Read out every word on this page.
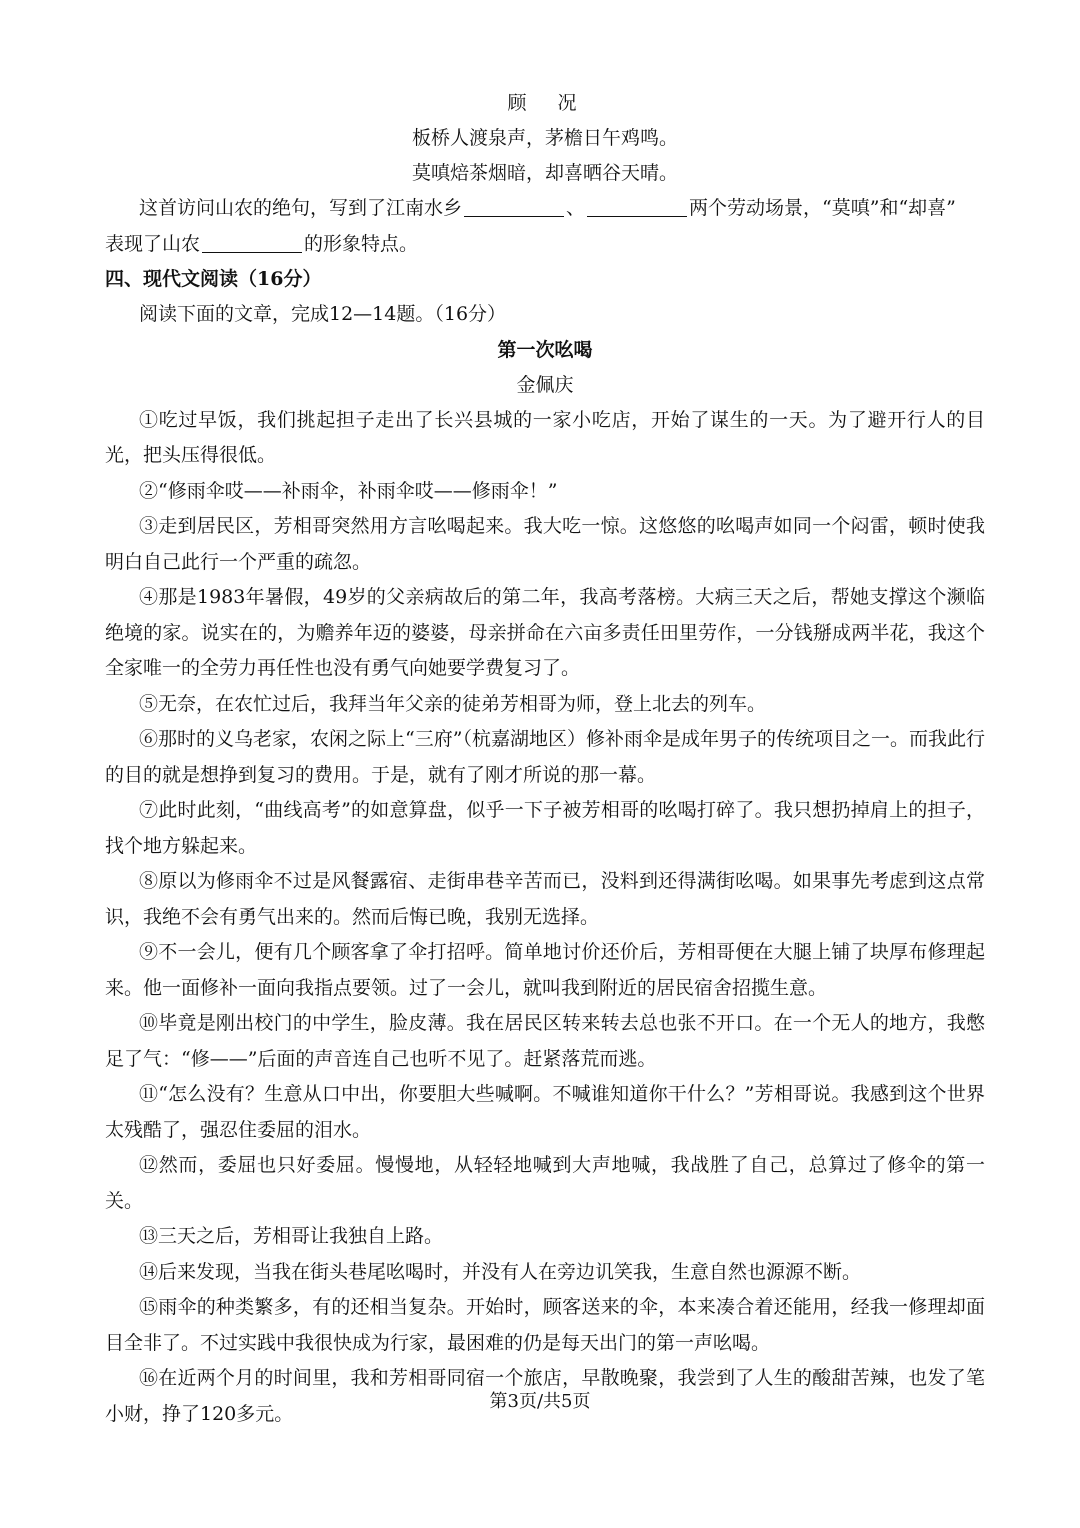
顾　况
板桥人渡泉声，茅檐日午鸡鸣。
莫嗔焙茶烟暗，却喜晒谷天晴。

这首访问山农的绝句，写到了江南水乡	、	两个劳动场景，“莫嗔”和“却喜”

表现了山农	的形象特点。

四、现代文阅读（16分）

阅读下面的文章，完成12—14题。（16分）

第一次吆喝
金佩庆

①吃过早饭，我们挑起担子走出了长兴县城的一家小吃店，开始了谋生的一天。为了避开行人的目光，把头压得很低。

②“修雨伞哎——补雨伞，补雨伞哎——修雨伞！”

③走到居民区，芳相哥突然用方言吆喝起来。我大吃一惊。这悠悠的吆喝声如同一个闷雷，顿时使我明白自己此行一个严重的疏忽。

④那是1983年暑假，49岁的父亲病故后的第二年，我高考落榜。大病三天之后，帮她支撑这个濒临绝境的家。说实在的，为赡养年迈的婆婆，母亲拼命在六亩多责任田里劳作，一分钱掰成两半花，我这个全家唯一的全劳力再任性也没有勇气向她要学费复习了。

⑤无奈，在农忙过后，我拜当年父亲的徒弟芳相哥为师，登上北去的列车。

⑥那时的义乌老家，农闲之际上“三府”（杭嘉湖地区）修补雨伞是成年男子的传统项目之一。而我此行的目的就是想挣到复习的费用。于是，就有了刚才所说的那一幕。

⑦此时此刻，“曲线高考”的如意算盘，似乎一下子被芳相哥的吆喝打碎了。我只想扔掉肩上的担子，找个地方躲起来。

⑧原以为修雨伞不过是风餐露宿、走街串巷辛苦而已，没料到还得满街吆喝。如果事先考虑到这点常识，我绝不会有勇气出来的。然而后悔已晚，我别无选择。

⑨不一会儿，便有几个顾客拿了伞打招呼。简单地讨价还价后，芳相哥便在大腿上铺了块厚布修理起来。他一面修补一面向我指点要领。过了一会儿，就叫我到附近的居民宿舍招揽生意。

⑩毕竟是刚出校门的中学生，脸皮薄。我在居民区转来转去总也张不开口。在一个无人的地方，我憋足了气：“修——”后面的声音连自己也听不见了。赶紧落荒而逃。

⑪“怎么没有？生意从口中出，你要胆大些喊啊。不喊谁知道你干什么？”芳相哥说。我感到这个世界太残酷了，强忍住委屈的泪水。

⑫然而，委屈也只好委屈。慢慢地，从轻轻地喊到大声地喊，我战胜了自己，总算过了修伞的第一关。

⑬三天之后，芳相哥让我独自上路。

⑭后来发现，当我在街头巷尾吆喝时，并没有人在旁边讥笑我，生意自然也源源不断。

⑮雨伞的种类繁多，有的还相当复杂。开始时，顾客送来的伞，本来凑合着还能用，经我一修理却面目全非了。不过实践中我很快成为行家，最困难的仍是每天出门的第一声吆喝。

⑯在近两个月的时间里，我和芳相哥同宿一个旅店，早散晚聚，我尝到了人生的酸甜苦辣，也发了笔小财，挣了120多元。

第3页/共5页
